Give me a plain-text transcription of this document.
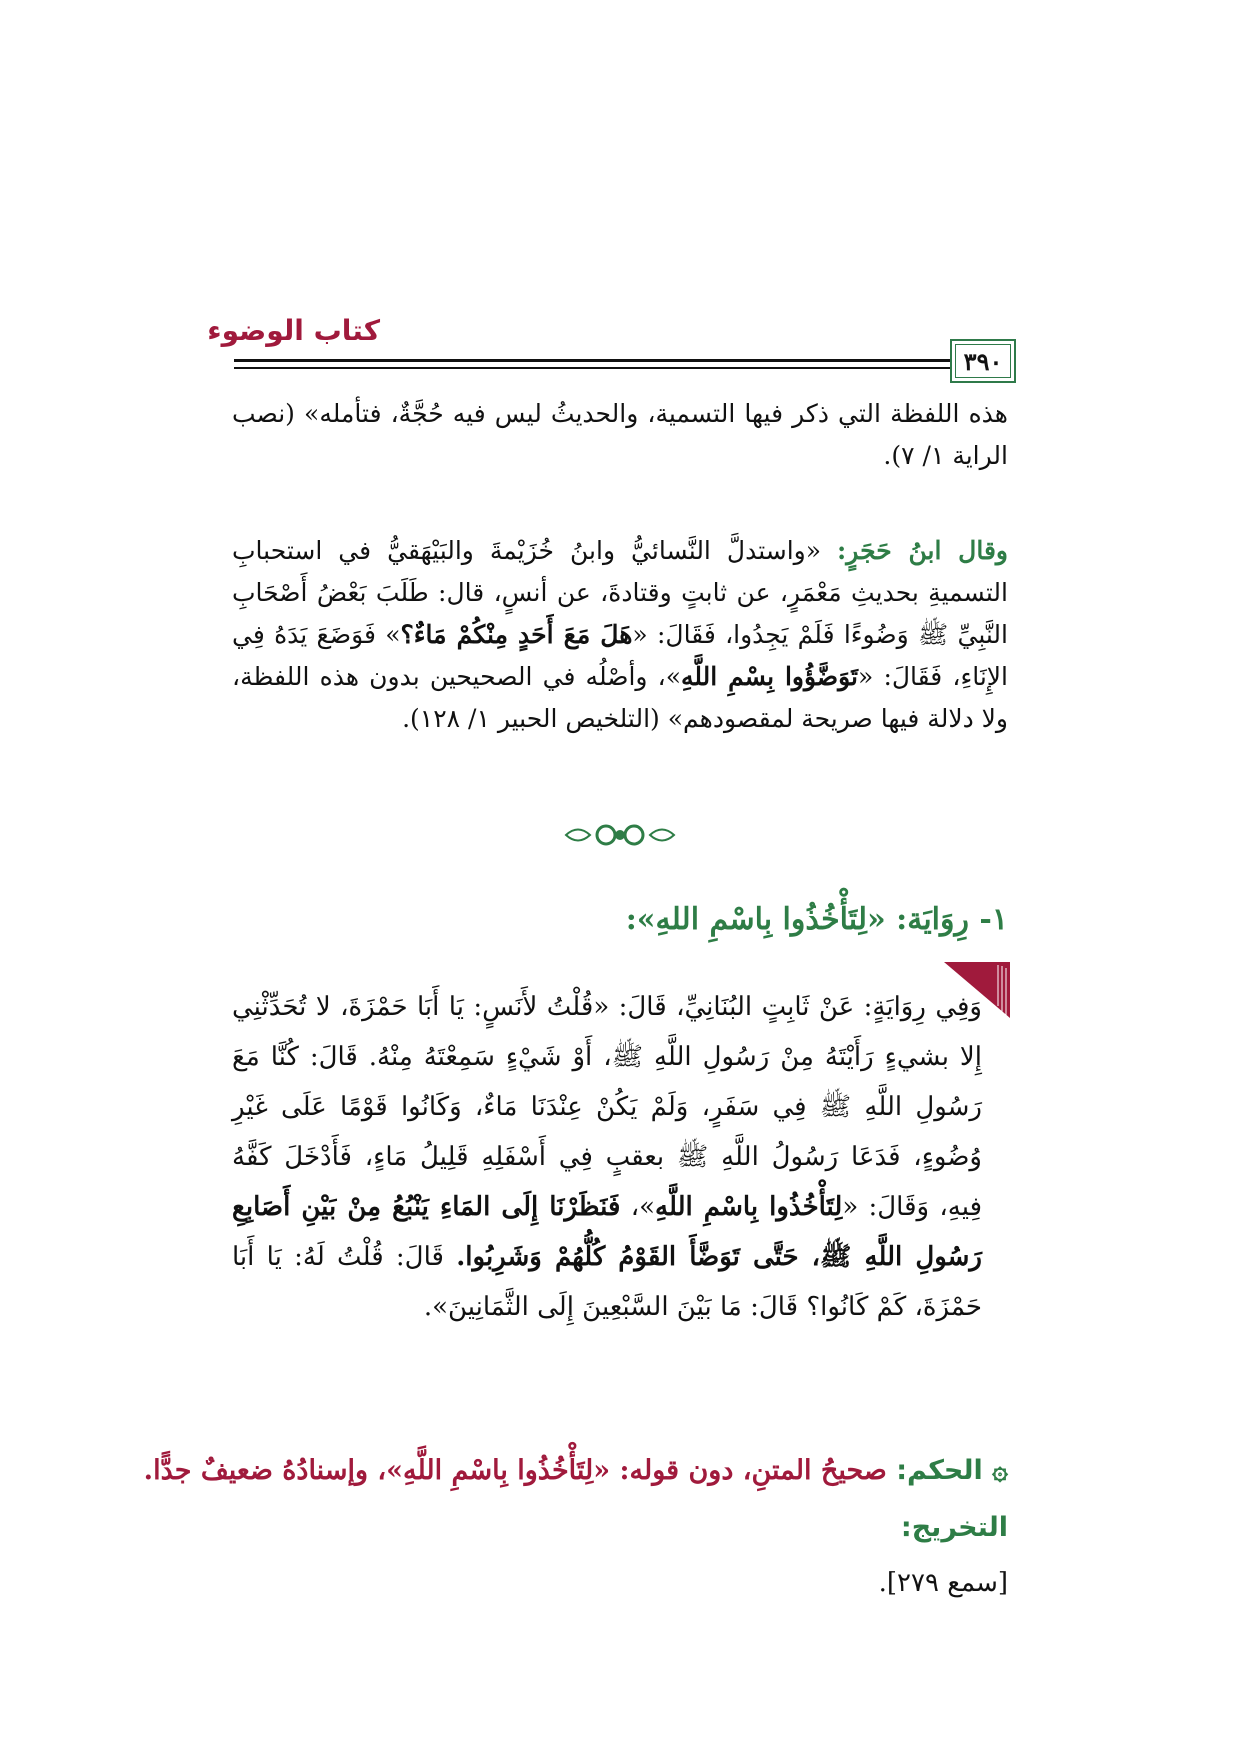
كتاب الوضوء
٣٩٠

هذه اللفظة التي ذكر فيها التسمية، والحديثُ ليس فيه حُجَّةٌ، فتأمله» (نصب الراية ١/ ٧).

وقال ابنُ حَجَرٍ: «واستدلَّ النَّسائيُّ وابنُ خُزَيْمةَ والبَيْهَقيُّ في استحبابِ التسميةِ بحديثِ مَعْمَرٍ، عن ثابتٍ وقتادةَ، عن أنسٍ، قال: طَلَبَ بَعْضُ أَصْحَابِ النَّبِيِّ ﷺ وَضُوءًا فَلَمْ يَجِدُوا، فَقَالَ: «هَلَ مَعَ أَحَدٍ مِنْكُمْ مَاءٌ؟» فَوَضَعَ يَدَهُ فِي الإِنَاءِ، فَقَالَ: «تَوَضَّؤُوا بِسْمِ اللَّهِ»، وأصْلُه في الصحيحين بدون هذه اللفظة، ولا دلالة فيها صريحة لمقصودهم» (التلخيص الحبير ١/ ١٢٨).

١- رِوَايَة: «لِتَأْخُذُوا بِاسْمِ اللهِ»:

وَفِي رِوَايَةٍ: عَنْ ثَابِتٍ البُنَانِيِّ، قَالَ: «قُلْتُ لأَنَسٍ: يَا أَبَا حَمْزَةَ، لا تُحَدِّثْنِي إِلا بشيءٍ رَأَيْتَهُ مِنْ رَسُولِ اللَّهِ ﷺ، أَوْ شَيْءٍ سَمِعْتَهُ مِنْهُ. قَالَ: كُنَّا مَعَ رَسُولِ اللَّهِ ﷺ فِي سَفَرٍ، وَلَمْ يَكُنْ عِنْدَنَا مَاءٌ، وَكَانُوا قَوْمًا عَلَى غَيْرِ وُضُوءٍ، فَدَعَا رَسُولُ اللَّهِ ﷺ بعقبٍ فِي أَسْفَلِهِ قَلِيلُ مَاءٍ، فَأَدْخَلَ كَفَّهُ فِيهِ، وَقَالَ: «لِتَأْخُذُوا بِاسْمِ اللَّهِ»، فَنَظَرْنَا إِلَى المَاءِ يَنْبُعُ مِنْ بَيْنِ أَصَابِعِ رَسُولِ اللَّهِ ﷺ، حَتَّى تَوَضَّأَ القَوْمُ كُلُّهُمْ وَشَرِبُوا. قَالَ: قُلْتُ لَهُ: يَا أَبَا حَمْزَةَ، كَمْ كَانُوا؟ قَالَ: مَا بَيْنَ السَّبْعِينَ إِلَى الثَّمَانِينَ».

۞ الحكم: صحيحُ المتنِ، دون قوله: «لِتَأْخُذُوا بِاسْمِ اللَّهِ»، وإسنادُهُ ضعيفٌ جدًّا.
التخريج:
[سمع ٢٧٩].
